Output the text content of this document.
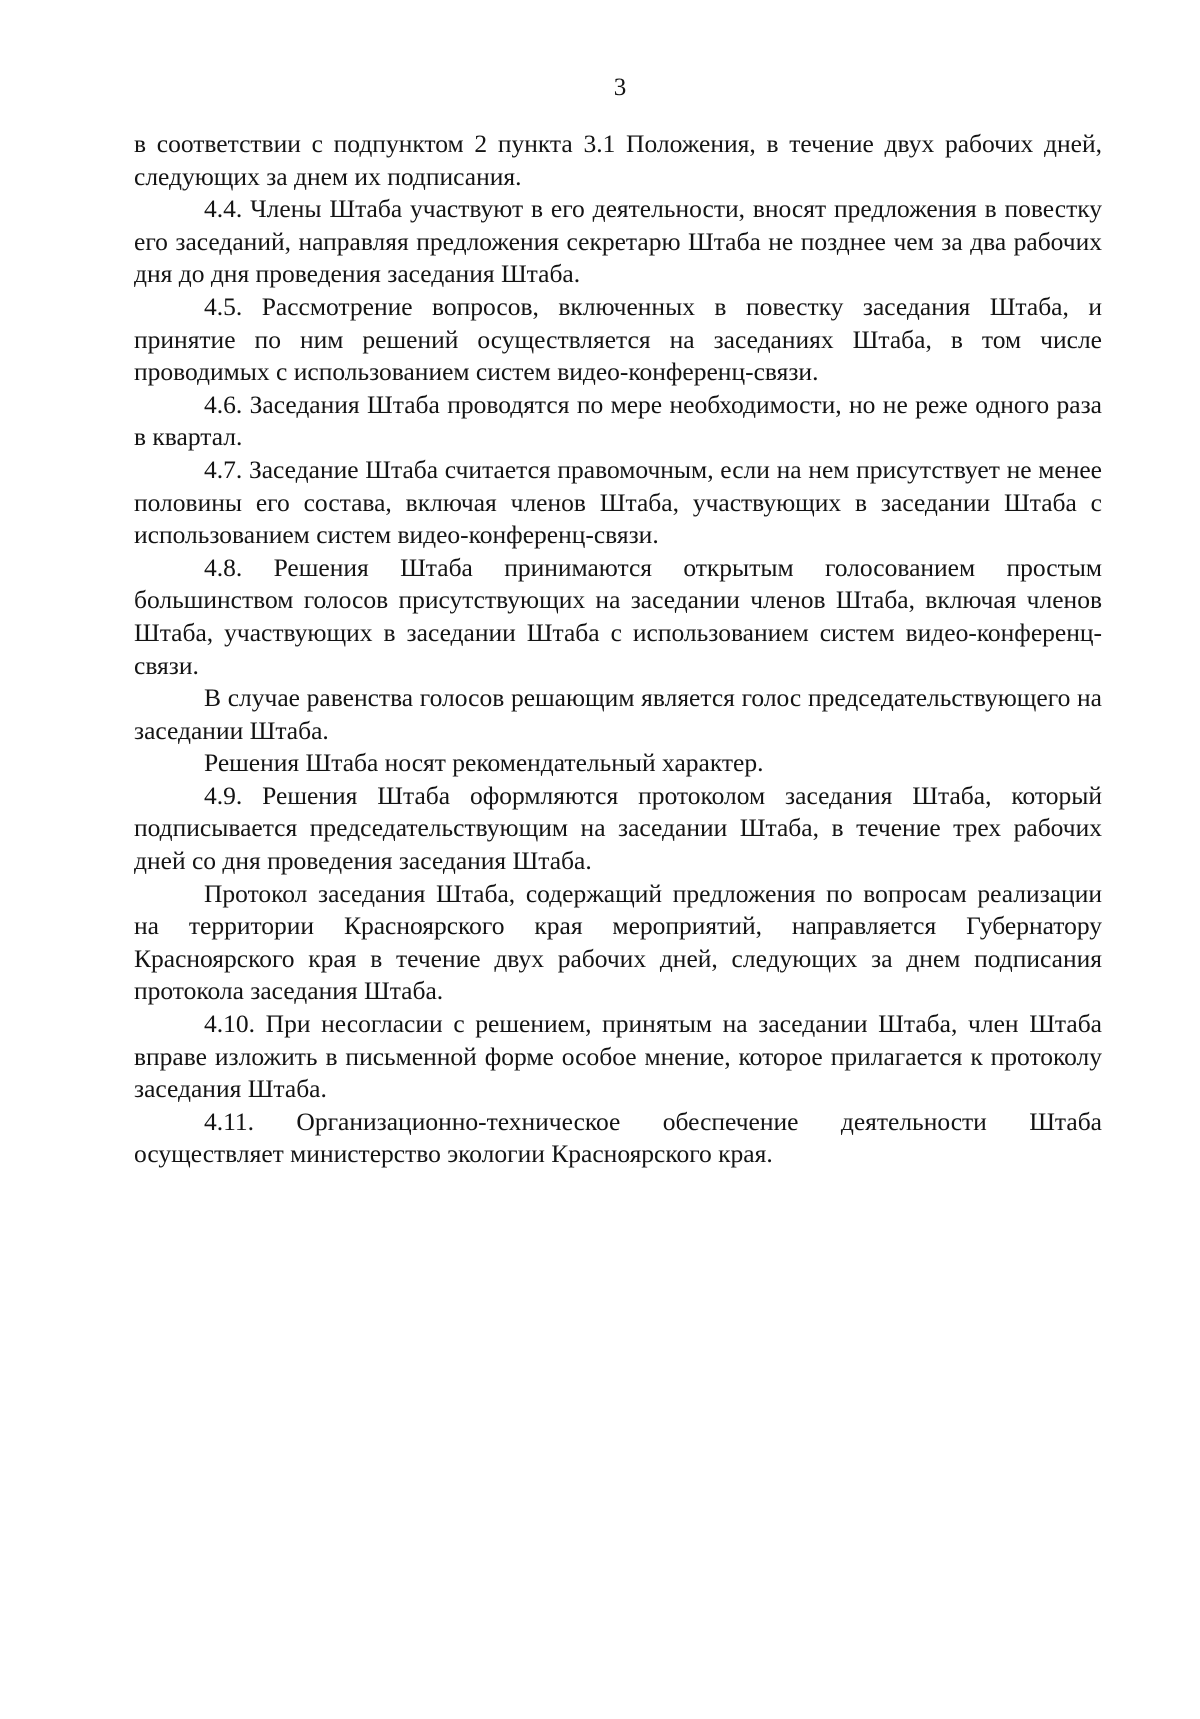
3

в соответствии с подпунктом 2 пункта 3.1 Положения, в течение двух рабочих дней, следующих за днем их подписания.

4.4. Члены Штаба участвуют в его деятельности, вносят предложения в повестку его заседаний, направляя предложения секретарю Штаба не позднее чем за два рабочих дня до дня проведения заседания Штаба.

4.5. Рассмотрение вопросов, включенных в повестку заседания Штаба, и принятие по ним решений осуществляется на заседаниях Штаба, в том числе проводимых с использованием систем видео-конференц-связи.

4.6. Заседания Штаба проводятся по мере необходимости, но не реже одного раза в квартал.

4.7. Заседание Штаба считается правомочным, если на нем присутствует не менее половины его состава, включая членов Штаба, участвующих в заседании Штаба с использованием систем видео-конференц-связи.

4.8. Решения Штаба принимаются открытым голосованием простым большинством голосов присутствующих на заседании членов Штаба, включая членов Штаба, участвующих в заседании Штаба с использованием систем видео-конференц-связи.

В случае равенства голосов решающим является голос председательствующего на заседании Штаба.

Решения Штаба носят рекомендательный характер.

4.9. Решения Штаба оформляются протоколом заседания Штаба, который подписывается председательствующим на заседании Штаба, в течение трех рабочих дней со дня проведения заседания Штаба.

Протокол заседания Штаба, содержащий предложения по вопросам реализации на территории Красноярского края мероприятий, направляется Губернатору Красноярского края в течение двух рабочих дней, следующих за днем подписания протокола заседания Штаба.

4.10. При несогласии с решением, принятым на заседании Штаба, член Штаба вправе изложить в письменной форме особое мнение, которое прилагается к протоколу заседания Штаба.

4.11. Организационно-техническое обеспечение деятельности Штаба осуществляет министерство экологии Красноярского края.
